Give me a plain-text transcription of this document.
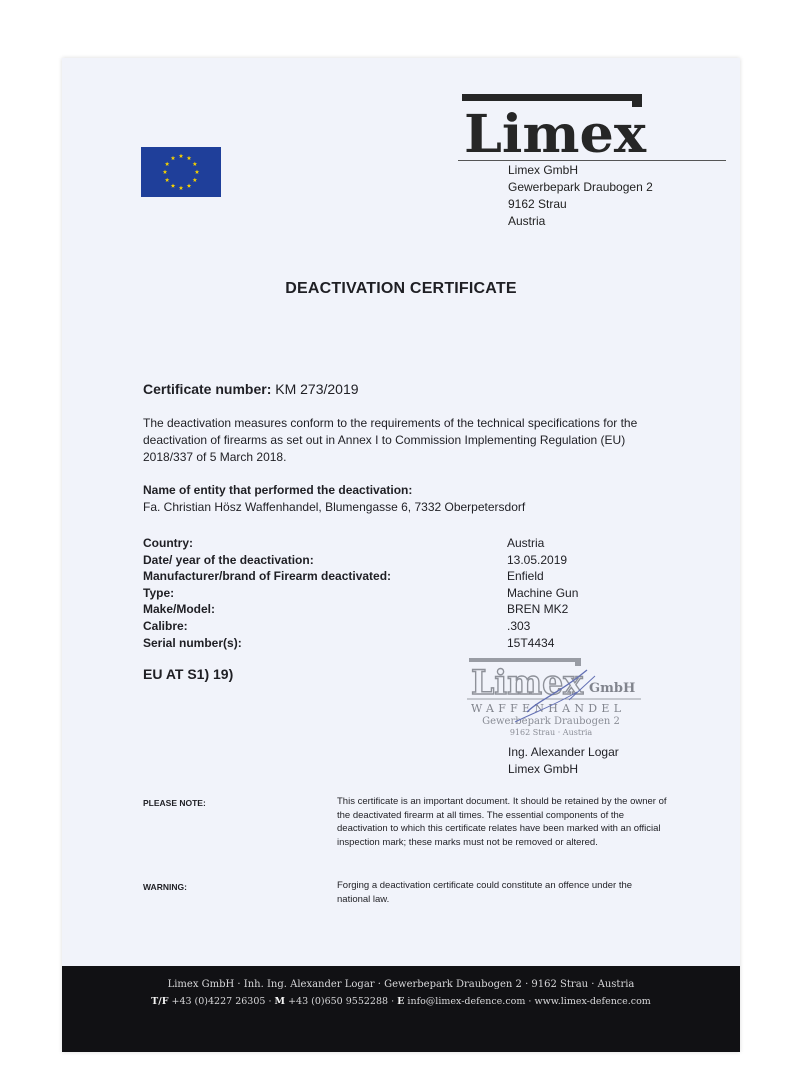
Limex
Limex GmbH
Gewerbepark Draubogen 2
9162 Strau
Austria
DEACTIVATION CERTIFICATE
Certificate number: KM 273/2019
The deactivation measures conform to the requirements of the technical specifications for the deactivation of firearms as set out in Annex I to Commission Implementing Regulation (EU) 2018/337 of 5 March 2018.
Name of entity that performed the deactivation:
Fa. Christian Hösz Waffenhandel, Blumengasse 6, 7332 Oberpetersdorf
Country:	Austria
Date/ year of the deactivation:	13.05.2019
Manufacturer/brand of Firearm deactivated:	Enfield
Type:	Machine Gun
Make/Model:	BREN MK2
Calibre:	.303
Serial number(s):	15T4434
EU AT S1) 19)	Limex GmbH
WAFFENHANDEL
Gewerbepark Draubogen 2
9162 Strau · Austria
Ing. Alexander Logar
Limex GmbH
PLEASE NOTE:	This certificate is an important document. It should be retained by the owner of the deactivated firearm at all times. The essential components of the deactivation to which this certificate relates have been marked with an official inspection mark; these marks must not be removed or altered.
WARNING:	Forging a deactivation certificate could constitute an offence under the national law.
Limex GmbH · Inh. Ing. Alexander Logar · Gewerbepark Draubogen 2 · 9162 Strau · Austria
T/F +43 (0)4227 26305 · M +43 (0)650 9552288 · E info@limex-defence.com · www.limex-defence.com
